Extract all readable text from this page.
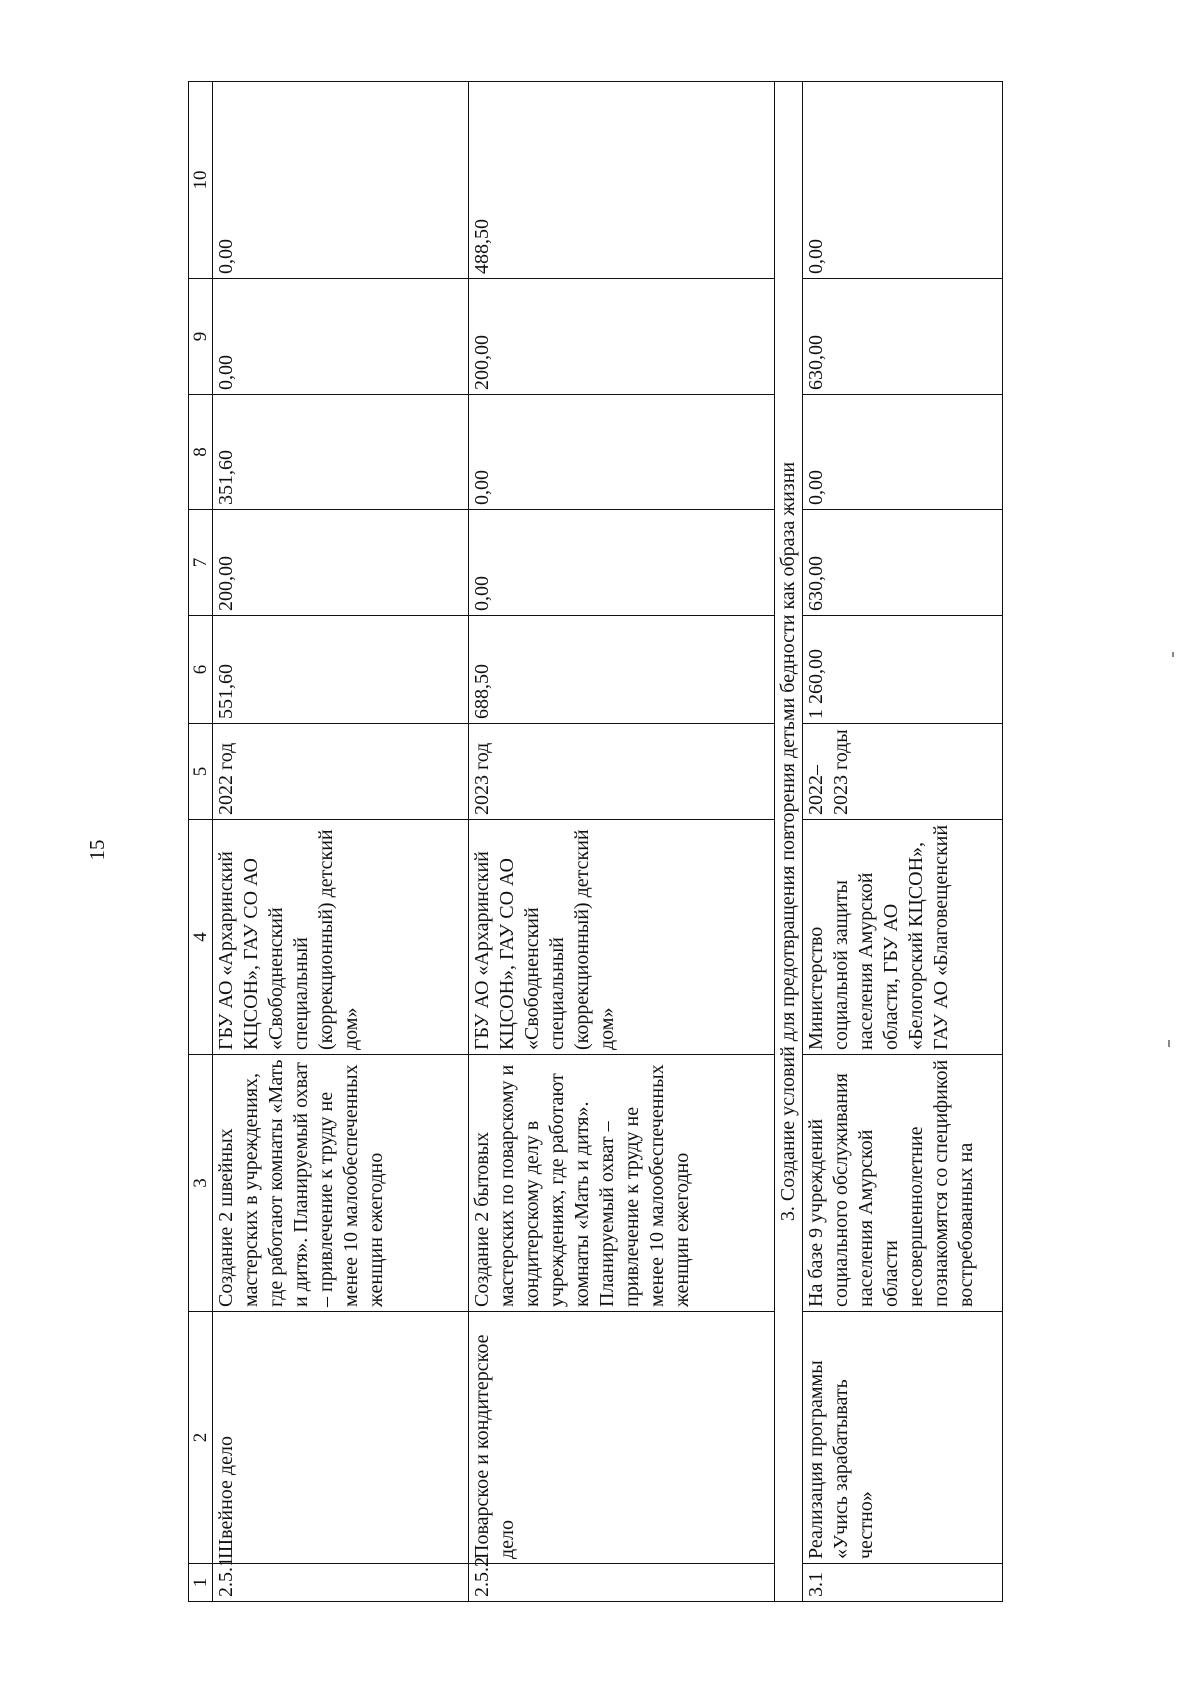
15
1	2	3	4	5	6	7	8	9	10
2.5.1	Швейное дело	Создание 2 швейных мастерских в учреждениях, где работают комнаты «Мать и дитя». Планируемый охват – привлечение к труду не менее 10 малообеспеченных женщин ежегодно	ГБУ АО «Архаринский КЦСОН», ГАУ СО АО «Свободненский специальный (коррекционный) детский дом»	2022 год	551,60	200,00	351,60	0,00	0,00
2.5.2	Поварское и кондитерское дело	Создание 2 бытовых мастерских по поварскому и кондитерскому делу в учреждениях, где работают комнаты «Мать и дитя». Планируемый охват – привлечение к труду не менее 10 малообеспеченных женщин ежегодно	ГБУ АО «Архаринский КЦСОН», ГАУ СО АО «Свободненский специальный (коррекционный) детский дом»	2023 год	688,50	0,00	0,00	200,00	488,50
3. Создание условий для предотвращения повторения детьми бедности как образа жизни									
3.1	Реализация программы «Учись зарабатывать честно»	На базе 9 учреждений социального обслуживания населения Амурской области несовершеннолетние познакомятся со спецификой востребованных на	Министерство социальной защиты населения Амурской области, ГБУ АО «Белогорский КЦСОН», ГАУ АО «Благовещенский	2022–2023 годы	1 260,00	630,00	0,00	630,00	0,00
